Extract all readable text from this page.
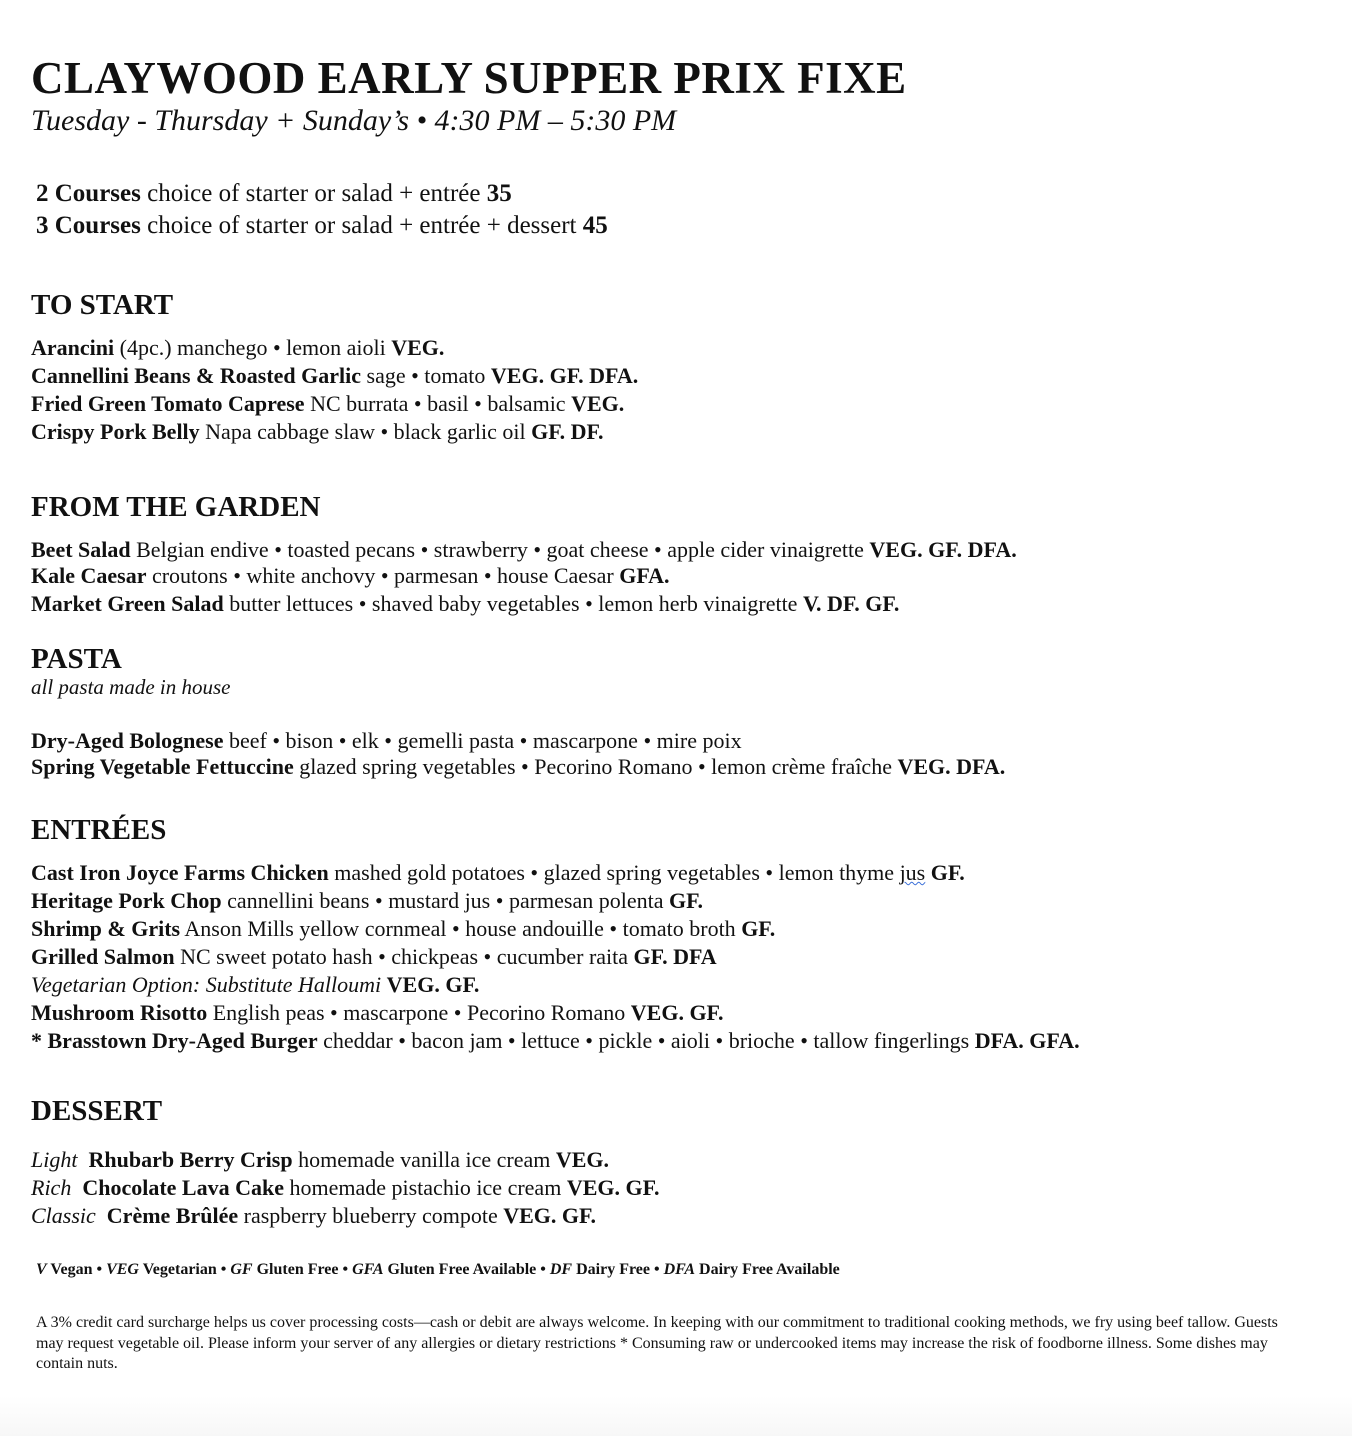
CLAYWOOD EARLY SUPPER PRIX FIXE
Tuesday - Thursday + Sunday’s • 4:30 PM – 5:30 PM
2 Courses choice of starter or salad + entrée 35
3 Courses choice of starter or salad + entrée + dessert 45
TO START
Arancini (4pc.) manchego • lemon aioli VEG.
Cannellini Beans & Roasted Garlic sage • tomato VEG. GF. DFA.
Fried Green Tomato Caprese NC burrata • basil • balsamic VEG.
Crispy Pork Belly Napa cabbage slaw • black garlic oil GF. DF.
FROM THE GARDEN
Beet Salad Belgian endive • toasted pecans • strawberry • goat cheese • apple cider vinaigrette VEG. GF. DFA.
Kale Caesar croutons • white anchovy • parmesan • house Caesar GFA.
Market Green Salad butter lettuces • shaved baby vegetables • lemon herb vinaigrette V. DF. GF.
PASTA
all pasta made in house
Dry-Aged Bolognese beef • bison • elk • gemelli pasta • mascarpone • mire poix
Spring Vegetable Fettuccine glazed spring vegetables • Pecorino Romano • lemon crème fraîche VEG. DFA.
ENTRÉES
Cast Iron Joyce Farms Chicken mashed gold potatoes • glazed spring vegetables • lemon thyme jus GF.
Heritage Pork Chop cannellini beans • mustard jus • parmesan polenta GF.
Shrimp & Grits Anson Mills yellow cornmeal • house andouille • tomato broth GF.
Grilled Salmon NC sweet potato hash • chickpeas • cucumber raita GF. DFA
Vegetarian Option: Substitute Halloumi VEG. GF.
Mushroom Risotto English peas • mascarpone • Pecorino Romano VEG. GF.
* Brasstown Dry-Aged Burger cheddar • bacon jam • lettuce • pickle • aioli • brioche • tallow fingerlings DFA. GFA.
DESSERT
Light Rhubarb Berry Crisp homemade vanilla ice cream VEG.
Rich Chocolate Lava Cake homemade pistachio ice cream VEG. GF.
Classic Crème Brûlée raspberry blueberry compote VEG. GF.
V Vegan • VEG Vegetarian • GF Gluten Free • GFA Gluten Free Available • DF Dairy Free • DFA Dairy Free Available
A 3% credit card surcharge helps us cover processing costs—cash or debit are always welcome. In keeping with our commitment to traditional cooking methods, we fry using beef tallow. Guests may request vegetable oil. Please inform your server of any allergies or dietary restrictions * Consuming raw or undercooked items may increase the risk of foodborne illness. Some dishes may contain nuts.
